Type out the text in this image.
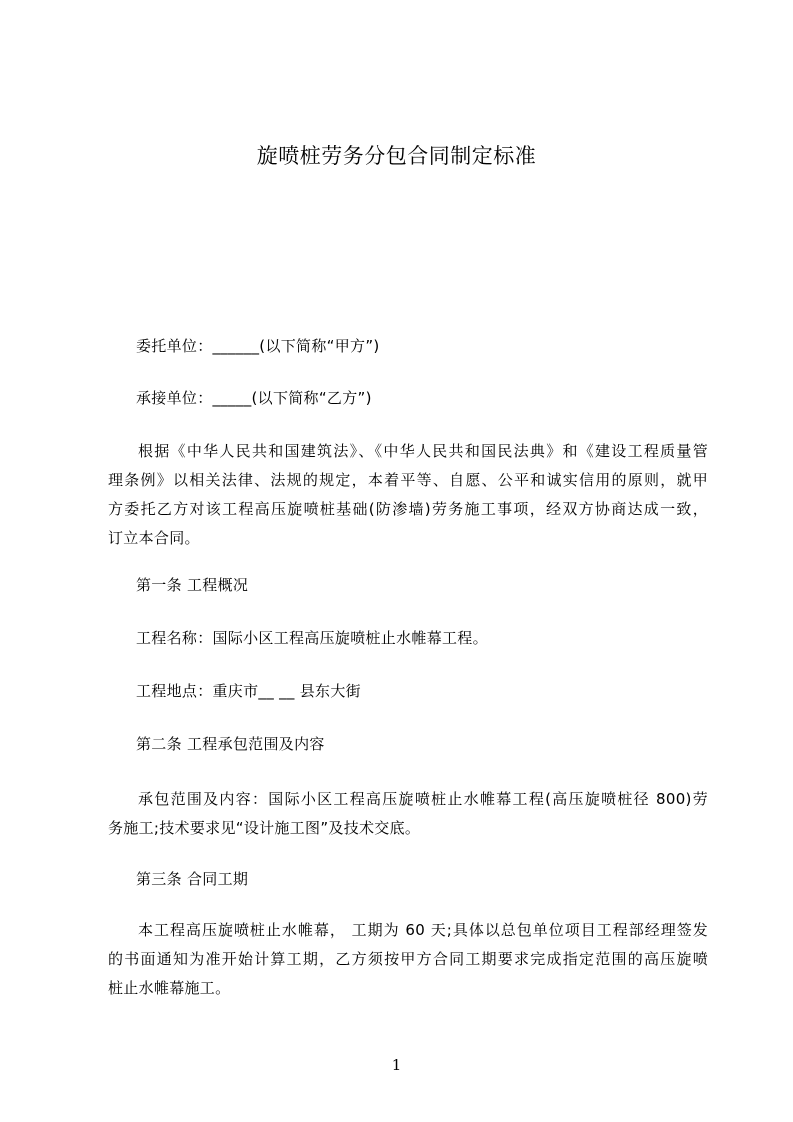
旋喷桩劳务分包合同制定标准
委托单位：______(以下简称“甲方”)
承接单位：_____(以下简称“乙方”)
根据《中华人民共和国建筑法》、《中华人民共和国民法典》和《建设工程质量管
理条例》以相关法律、法规的规定，本着平等、自愿、公平和诚实信用的原则，就甲
方委托乙方对该工程高压旋喷桩基础(防渗墙)劳务施工事项，经双方协商达成一致，
订立本合同。
第一条 工程概况
工程名称：国际小区工程高压旋喷桩止水帷幕工程。
工程地点：重庆市__ __ 县东大街
第二条 工程承包范围及内容
承包范围及内容：国际小区工程高压旋喷桩止水帷幕工程(高压旋喷桩径 800)劳
务施工;技术要求见“设计施工图”及技术交底。
第三条 合同工期
本工程高压旋喷桩止水帷幕， 工期为 60 天;具体以总包单位项目工程部经理签发
的书面通知为准开始计算工期，乙方须按甲方合同工期要求完成指定范围的高压旋喷
桩止水帷幕施工。
1
